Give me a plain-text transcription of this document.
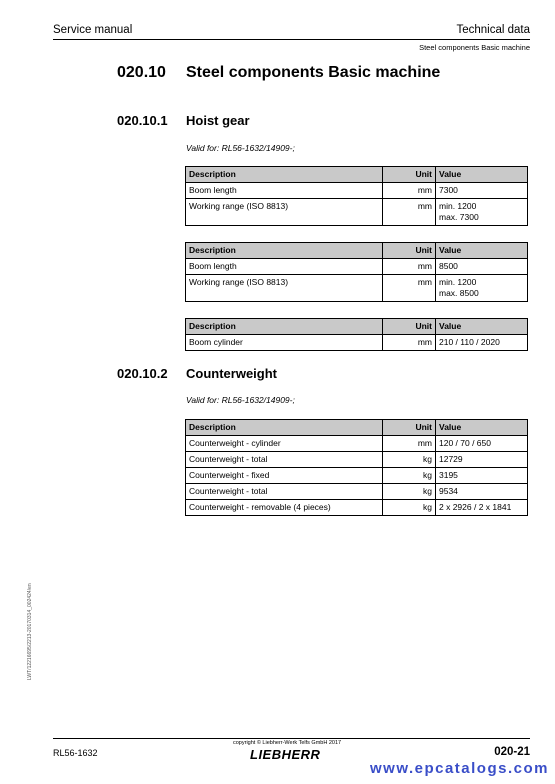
Service manual	Technical data
Steel components Basic machine
020.10 Steel components Basic machine
020.10.1 Hoist gear
Valid for: RL56-1632/14909-;
Description	Unit	Value
Boom length	mm	7300
Working range (ISO 8813)	mm	min. 1200
max. 7300
Description	Unit	Value
Boom length	mm	8500
Working range (ISO 8813)	mm	min. 1200
max. 8500
Description	Unit	Value
Boom cylinder	mm	210 / 110 / 2020
020.10.2 Counterweight
Valid for: RL56-1632/14909-;
Description	Unit	Value
Counterweight - cylinder	mm	120 / 70 / 650
Counterweight - total	kg	12729
Counterweight - fixed	kg	3195
Counterweight - total	kg	9534
Counterweight - removable (4 pieces)	kg	2 x 2926 / 2 x 1841
LWT/12216695/2213-20170314_002424/en
copyright © Liebherr-Werk Telfs GmbH 2017
LIEBHERR
RL56-1632	020-21
www.epcatalogs.com
